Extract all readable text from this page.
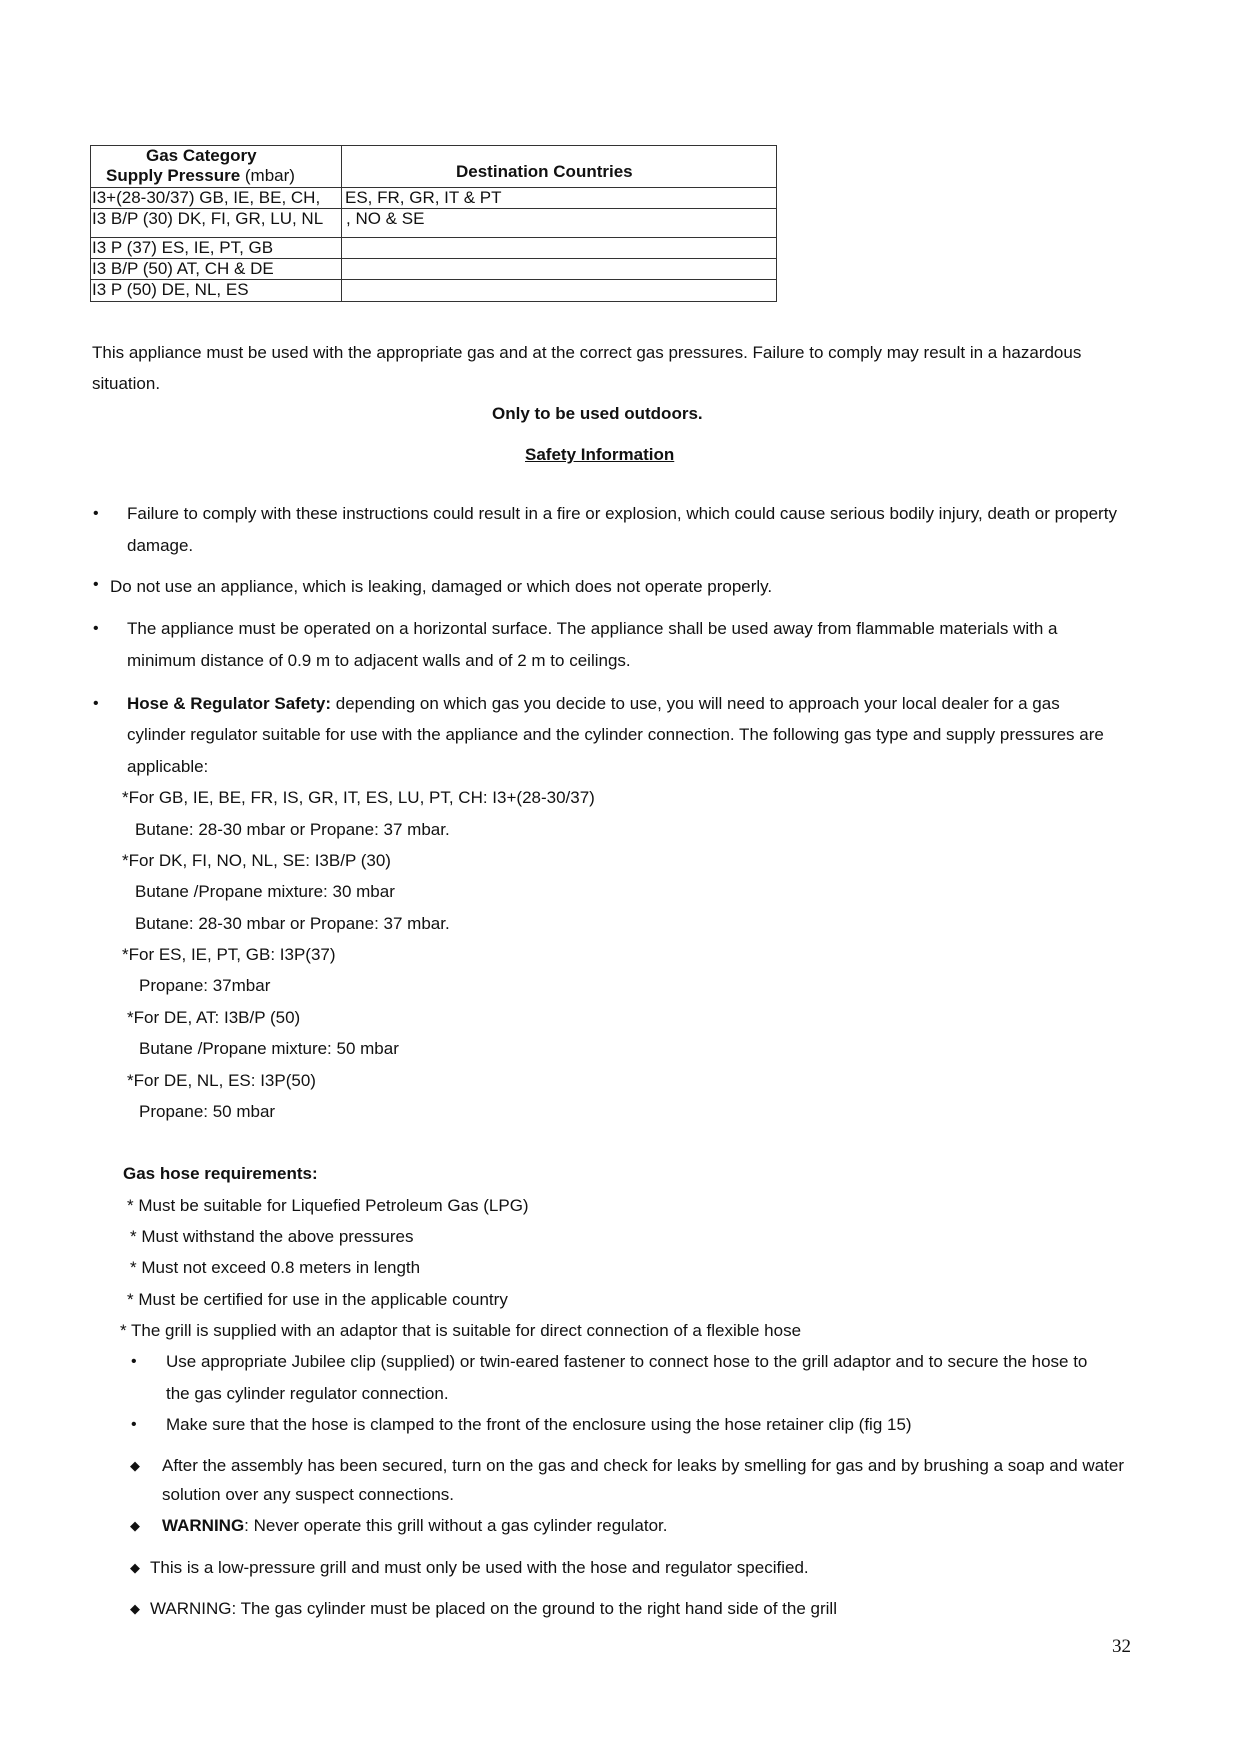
Gas Category
Supply Pressure (mbar)	Destination Countries
I3+(28-30/37) GB, IE, BE, CH, ES, FR, GR, IT & PT
I3 B/P (30) DK, FI, GR, LU, NL , NO & SE
I3 P (37) ES, IE, PT, GB
I3 B/P (50) AT, CH & DE
I3 P (50) DE, NL, ES
This appliance must be used with the appropriate gas and at the correct gas pressures. Failure to comply may result in a hazardous
situation.
Only to be used outdoors.
Safety Information
• Failure to comply with these instructions could result in a fire or explosion, which could cause serious bodily injury, death or property
damage.
• Do not use an appliance, which is leaking, damaged or which does not operate properly.
• The appliance must be operated on a horizontal surface. The appliance shall be used away from flammable materials with a
minimum distance of 0.9 m to adjacent walls and of 2 m to ceilings.
• Hose & Regulator Safety: depending on which gas you decide to use, you will need to approach your local dealer for a gas
cylinder regulator suitable for use with the appliance and the cylinder connection. The following gas type and supply pressures are
applicable:
*For GB, IE, BE, FR, IS, GR, IT, ES, LU, PT, CH: I3+(28-30/37)
Butane: 28-30 mbar or Propane: 37 mbar.
*For DK, FI, NO, NL, SE: I3B/P (30)
Butane /Propane mixture: 30 mbar
Butane: 28-30 mbar or Propane: 37 mbar.
*For ES, IE, PT, GB: I3P(37)
Propane: 37mbar
*For DE, AT: I3B/P (50)
Butane /Propane mixture: 50 mbar
*For DE, NL, ES: I3P(50)
Propane: 50 mbar
Gas hose requirements:
* Must be suitable for Liquefied Petroleum Gas (LPG)
* Must withstand the above pressures
* Must not exceed 0.8 meters in length
* Must be certified for use in the applicable country
* The grill is supplied with an adaptor that is suitable for direct connection of a flexible hose
• Use appropriate Jubilee clip (supplied) or twin-eared fastener to connect hose to the grill adaptor and to secure the hose to
the gas cylinder regulator connection.
• Make sure that the hose is clamped to the front of the enclosure using the hose retainer clip (fig 15)
◆ After the assembly has been secured, turn on the gas and check for leaks by smelling for gas and by brushing a soap and water
solution over any suspect connections.
◆ WARNING: Never operate this grill without a gas cylinder regulator.
◆ This is a low-pressure grill and must only be used with the hose and regulator specified.
◆ WARNING: The gas cylinder must be placed on the ground to the right hand side of the grill
32
